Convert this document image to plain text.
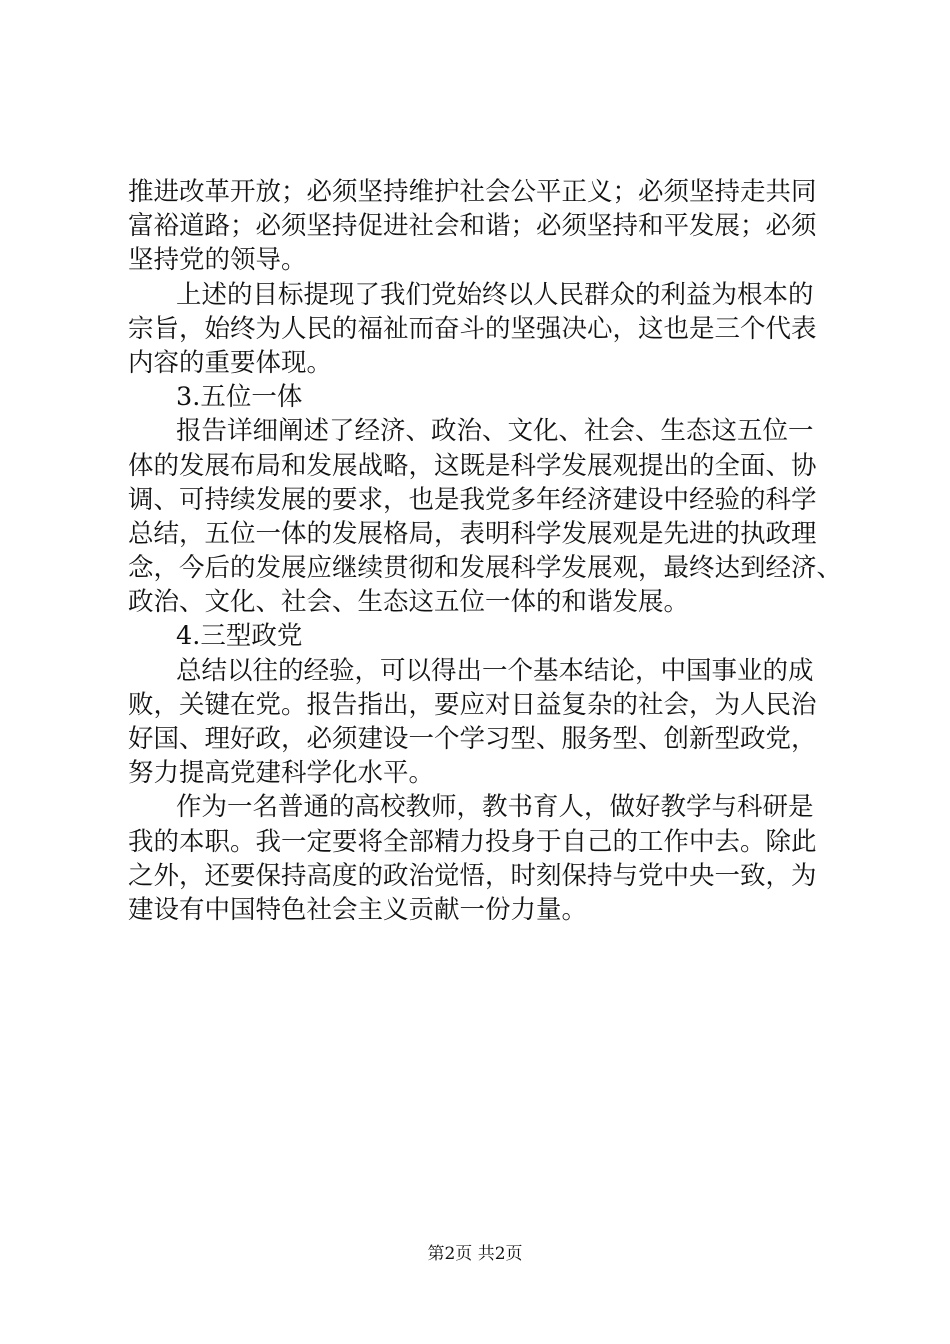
推进改革开放；必须坚持维护社会公平正义；必须坚持走共同
富裕道路；必须坚持促进社会和谐；必须坚持和平发展；必须
坚持党的领导。
上述的目标提现了我们党始终以人民群众的利益为根本的
宗旨，始终为人民的福祉而奋斗的坚强决心，这也是三个代表
内容的重要体现。
3.五位一体
报告详细阐述了经济、政治、文化、社会、生态这五位一
体的发展布局和发展战略，这既是科学发展观提出的全面、协
调、可持续发展的要求，也是我党多年经济建设中经验的科学
总结，五位一体的发展格局，表明科学发展观是先进的执政理
念，今后的发展应继续贯彻和发展科学发展观，最终达到经济、
政治、文化、社会、生态这五位一体的和谐发展。
4.三型政党
总结以往的经验，可以得出一个基本结论，中国事业的成
败，关键在党。报告指出，要应对日益复杂的社会，为人民治
好国、理好政，必须建设一个学习型、服务型、创新型政党，
努力提高党建科学化水平。
作为一名普通的高校教师，教书育人，做好教学与科研是
我的本职。我一定要将全部精力投身于自己的工作中去。除此
之外，还要保持高度的政治觉悟，时刻保持与党中央一致，为
建设有中国特色社会主义贡献一份力量。
第2页 共2页
